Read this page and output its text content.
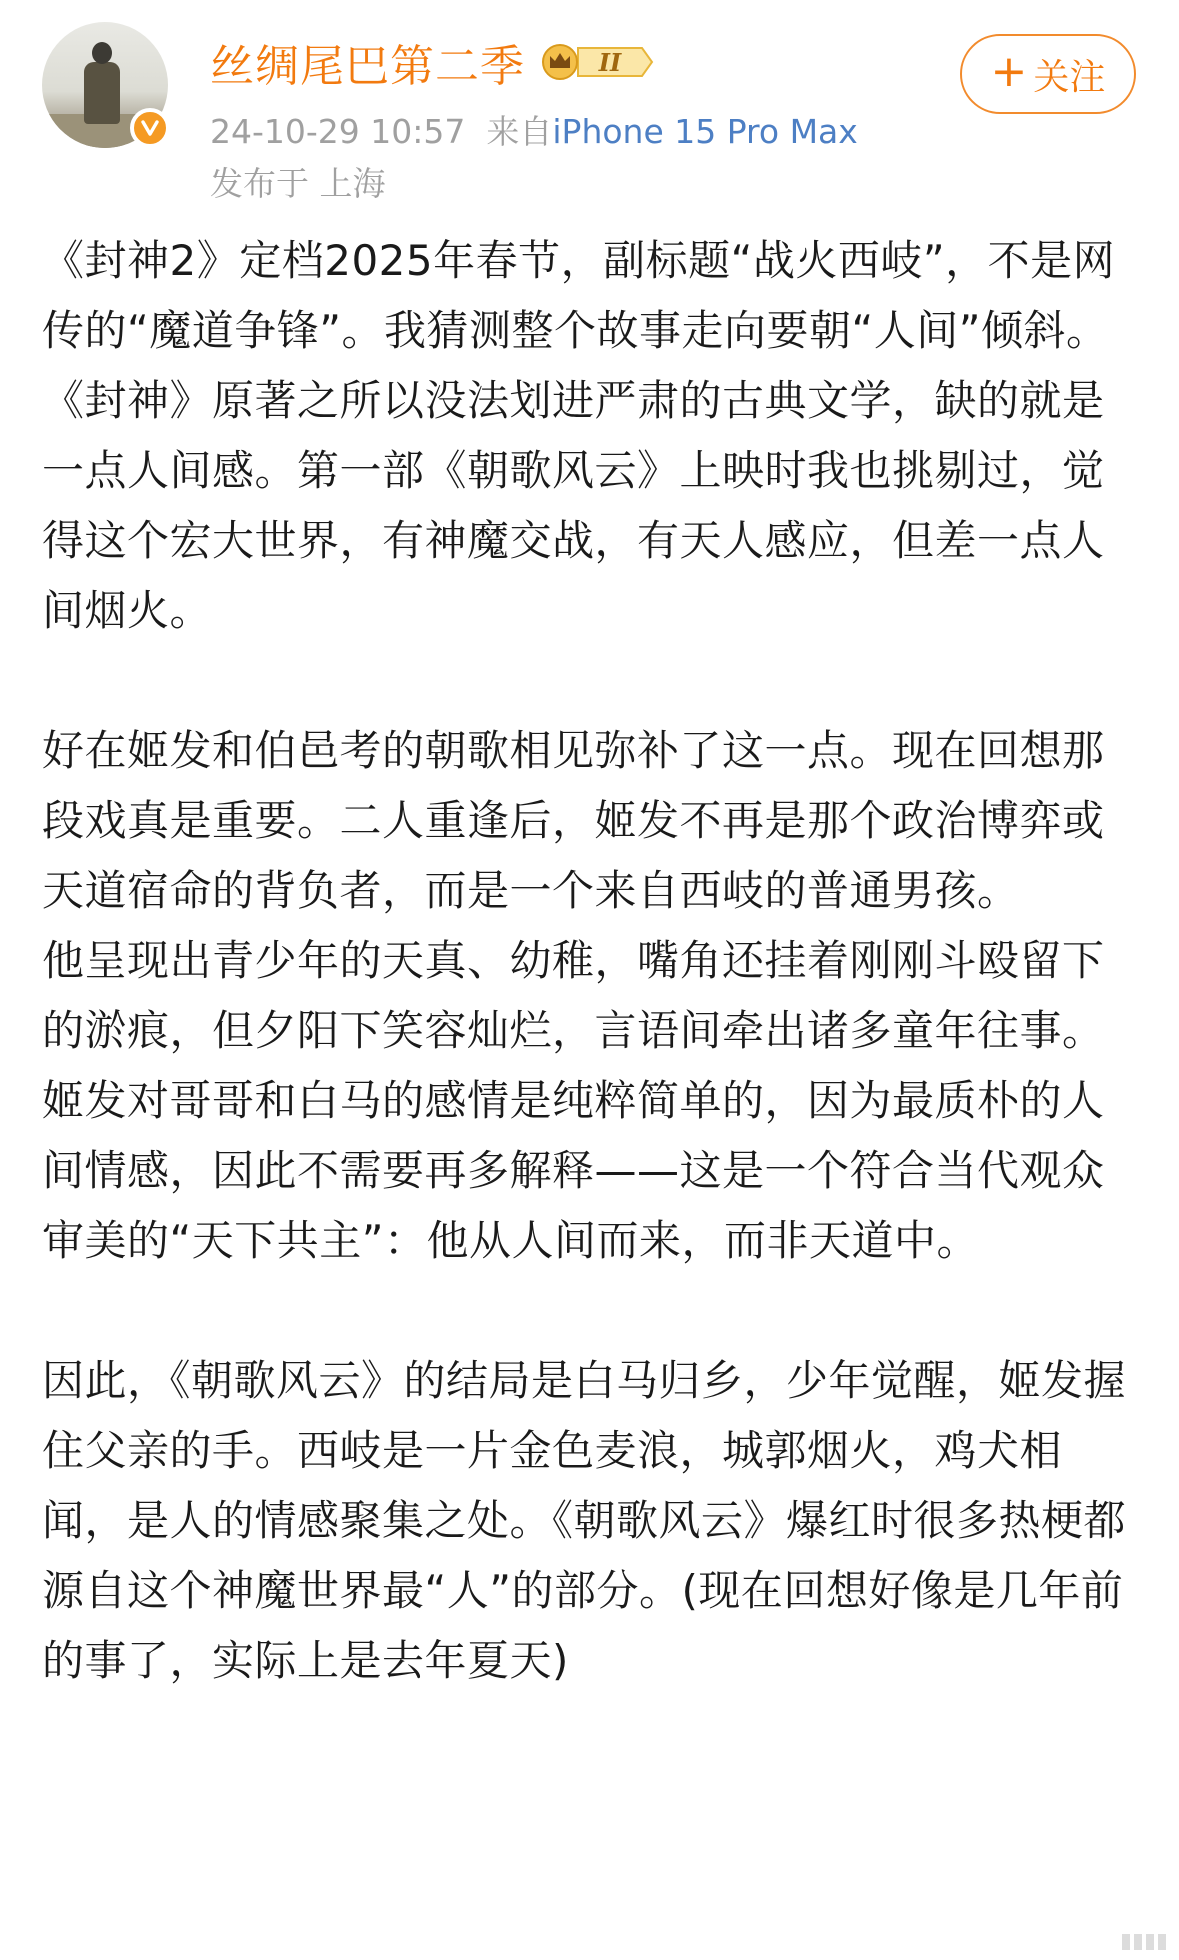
丝绸尾巴第二季	II
24-10-29 10:57 来自iPhone 15 Pro Max
发布于 上海
+ 关注

《封神2》定档2025年春节，副标题“战火西岐”，不是网传的“魔道争锋”。我猜测整个故事走向要朝“人间”倾斜。

《封神》原著之所以没法划进严肃的古典文学，缺的就是一点人间感。第一部《朝歌风云》上映时我也挑剔过，觉得这个宏大世界，有神魔交战，有天人感应，但差一点人间烟火。

好在姬发和伯邑考的朝歌相见弥补了这一点。现在回想那段戏真是重要。二人重逢后，姬发不再是那个政治博弈或天道宿命的背负者，而是一个来自西岐的普通男孩。

他呈现出青少年的天真、幼稚，嘴角还挂着刚刚斗殴留下的淤痕，但夕阳下笑容灿烂，言语间牵出诸多童年往事。姬发对哥哥和白马的感情是纯粹简单的，因为最质朴的人间情感，因此不需要再多解释——这是一个符合当代观众审美的“天下共主”：他从人间而来，而非天道中。

因此，《朝歌风云》的结局是白马归乡，少年觉醒，姬发握住父亲的手。西岐是一片金色麦浪，城郭烟火，鸡犬相闻，是人的情感聚集之处。《朝歌风云》爆红时很多热梗都源自这个神魔世界最“人”的部分。(现在回想好像是几年前的事了，实际上是去年夏天)
